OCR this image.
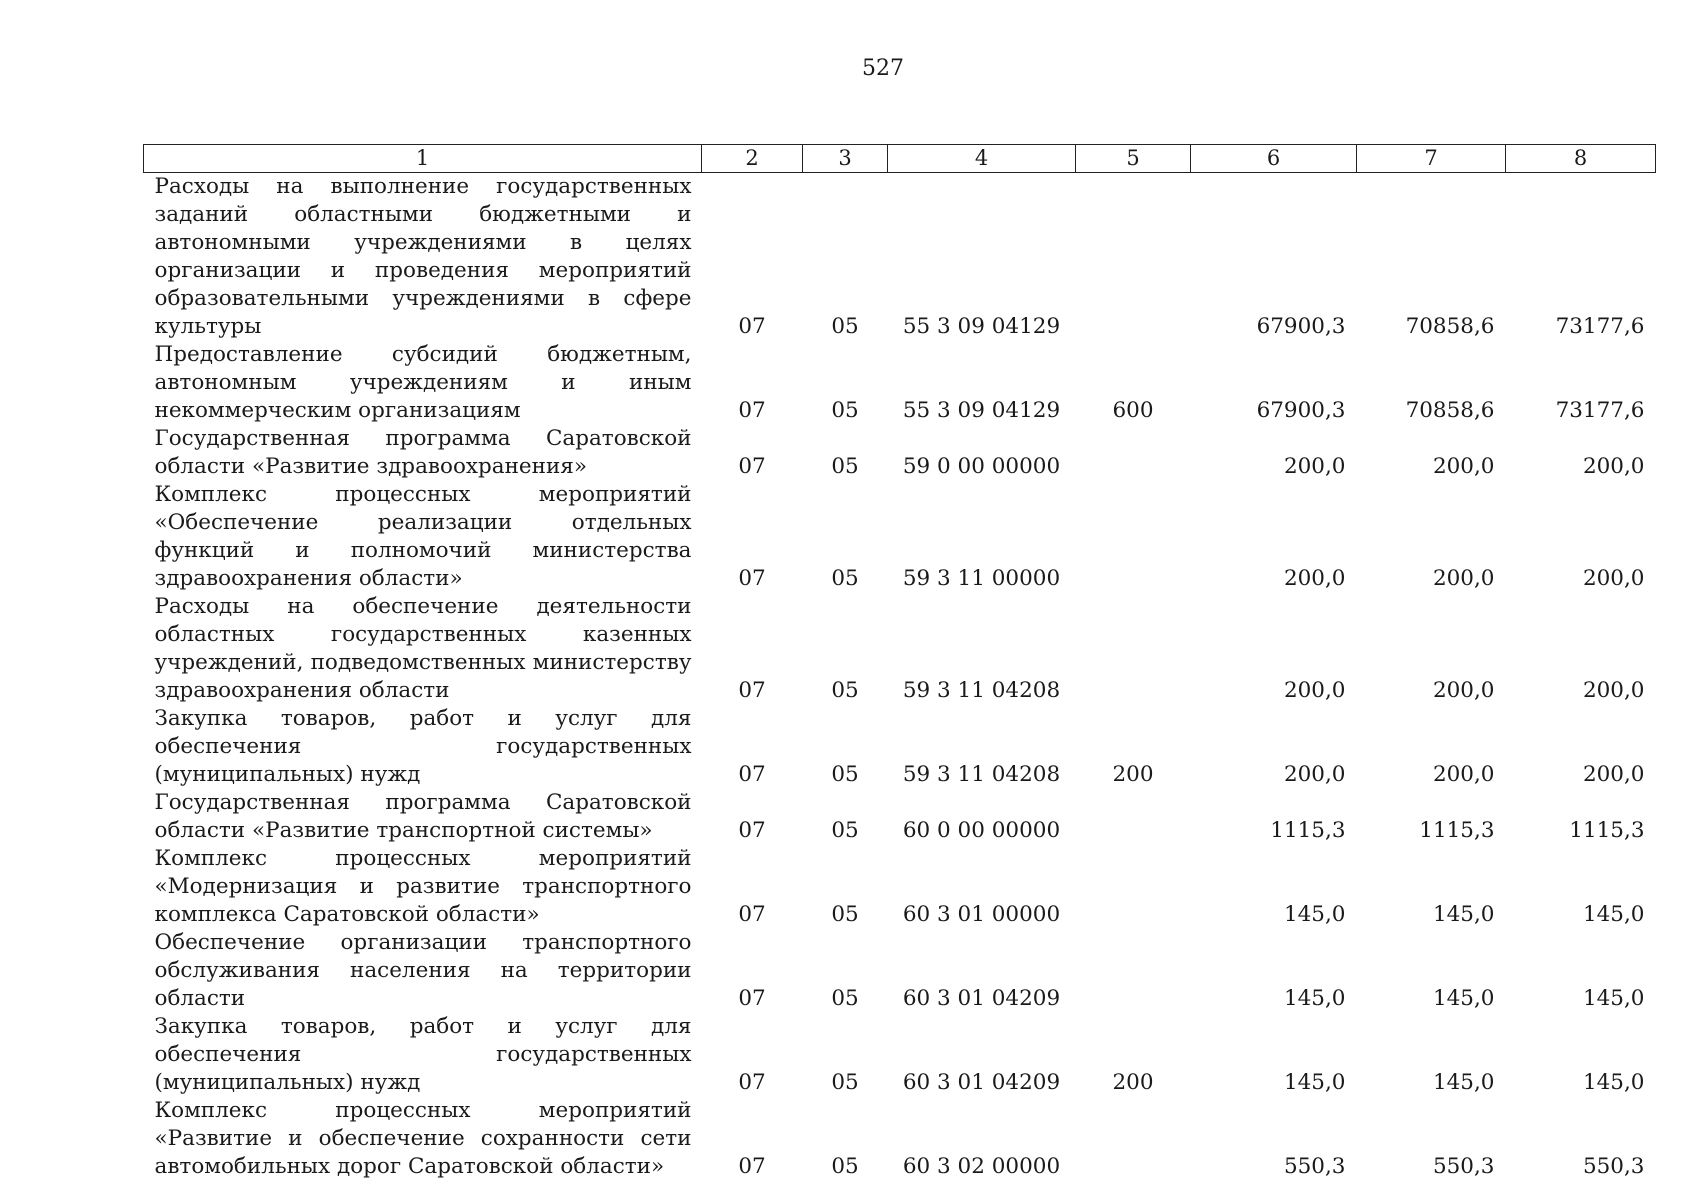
527
1	2	3	4	5	6	7	8
Расходы на выполнение государственных заданий областными бюджетными и автономными учреждениями в целях организации и проведения мероприятий образовательными учреждениями в сфере культуры	07	05	55 3 09 04129		67900,3	70858,6	73177,6
Предоставление субсидий бюджетным, автономным учреждениям и иным некоммерческим организациям	07	05	55 3 09 04129	600	67900,3	70858,6	73177,6
Государственная программа Саратовской области «Развитие здравоохранения»	07	05	59 0 00 00000		200,0	200,0	200,0
Комплекс процессных мероприятий «Обеспечение реализации отдельных функций и полномочий министерства здравоохранения области»	07	05	59 3 11 00000		200,0	200,0	200,0
Расходы на обеспечение деятельности областных государственных казенных учреждений, подведомственных министерству здравоохранения области	07	05	59 3 11 04208		200,0	200,0	200,0
Закупка товаров, работ и услуг для обеспечения государственных (муниципальных) нужд	07	05	59 3 11 04208	200	200,0	200,0	200,0
Государственная программа Саратовской области «Развитие транспортной системы»	07	05	60 0 00 00000		1115,3	1115,3	1115,3
Комплекс процессных мероприятий «Модернизация и развитие транспортного комплекса Саратовской области»	07	05	60 3 01 00000		145,0	145,0	145,0
Обеспечение организации транспортного обслуживания населения на территории области	07	05	60 3 01 04209		145,0	145,0	145,0
Закупка товаров, работ и услуг для обеспечения государственных (муниципальных) нужд	07	05	60 3 01 04209	200	145,0	145,0	145,0
Комплекс процессных мероприятий «Развитие и обеспечение сохранности сети автомобильных дорог Саратовской области»	07	05	60 3 02 00000		550,3	550,3	550,3
